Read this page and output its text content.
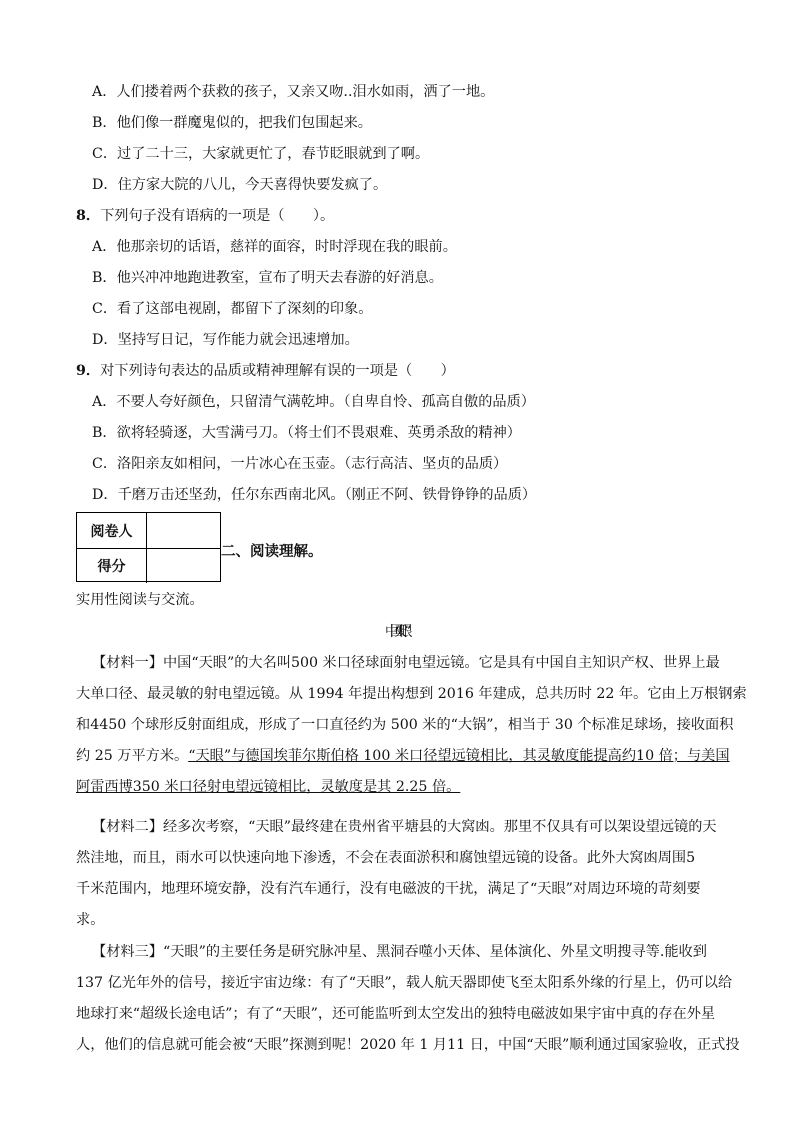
A．人们搂着两个获救的孩子，又亲又吻..泪水如雨，洒了一地。
B．他们像一群魔鬼似的，把我们包围起来。
C．过了二十三，大家就更忙了，春节眨眼就到了啊。
D．住方家大院的八儿，今天喜得快要发疯了。
8．下列句子没有语病的一项是（　　）。
A．他那亲切的话语，慈祥的面容，时时浮现在我的眼前。
B．他兴冲冲地跑进教室，宣布了明天去春游的好消息。
C．看了这部电视剧，都留下了深刻的印象。
D．坚持写日记，写作能力就会迅速增加。
9．对下列诗句表达的品质或精神理解有误的一项是（　　）
A．不要人夸好颜色，只留清气满乾坤。（自卑自怜、孤高自傲的品质）
B．欲将轻骑逐，大雪满弓刀。（将士们不畏艰难、英勇杀敌的精神）
C．洛阳亲友如相问，一片冰心在玉壶。（志行高洁、坚贞的品质）
D．千磨万击还坚劲，任尔东西南北风。（刚正不阿、铁骨铮铮的品质）
阅卷人
得分
二、阅读理解。
实用性阅读与交流。
中国“天眼”
【材料一】中国“天眼”的大名叫500 米口径球面射电望远镜。它是具有中国自主知识产权、世界上最
大单口径、最灵敏的射电望远镜。从 1994 年提出构想到 2016 年建成，总共历时 22 年。它由上万根钢索
和4450 个球形反射面组成，形成了一口直径约为 500 米的“大锅”，相当于 30 个标准足球场，接收面积
约 25 万平方米。“天眼”与德国埃菲尔斯伯格 100 米口径望远镜相比，其灵敏度能提高约10 倍；与美国
阿雷西博350 米口径射电望远镜相比，灵敏度是其 2.25 倍。
【材料二】经多次考察，“天眼”最终建在贵州省平塘县的大窝凼。那里不仅具有可以架设望远镜的天
然洼地，而且，雨水可以快速向地下渗透，不会在表面淤积和腐蚀望远镜的设备。此外大窝凼周围5
千米范围内，地理环境安静，没有汽车通行，没有电磁波的干扰，满足了“天眼”对周边环境的苛刻要
求。
【材料三】“天眼”的主要任务是研究脉冲星、黑洞吞噬小天体、星体演化、外星文明搜寻等.能收到
137 亿光年外的信号，接近宇宙边缘：有了“天眼”，载人航天器即使飞至太阳系外缘的行星上，仍可以给
地球打来“超级长途电话”；有了“天眼”，还可能监听到太空发出的独特电磁波如果宇宙中真的存在外星
人，他们的信息就可能会被“天眼”探测到呢！2020 年 1 月11 日，中国“天眼”顺利通过国家验收，正式投
